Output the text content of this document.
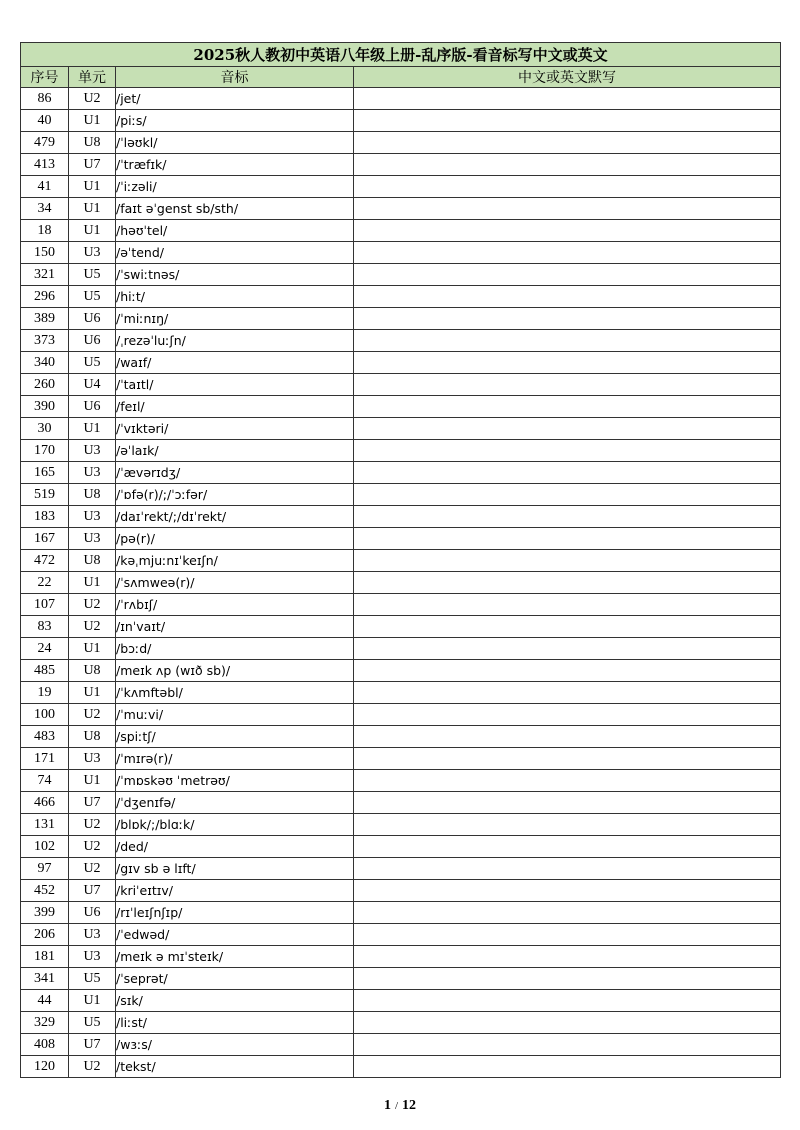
2025秋人教初中英语八年级上册-乱序版-看音标写中文或英文			
序号	单元	音标	中文或英文默写
86	U2	/jet/	
40	U1	/piːs/	
479	U8	/ˈləʊkl/	
413	U7	/ˈtræfɪk/	
41	U1	/ˈiːzəli/	
34	U1	/faɪt əˈgenst sb/sth/	
18	U1	/həʊˈtel/	
150	U3	/əˈtend/	
321	U5	/ˈswiːtnəs/	
296	U5	/hiːt/	
389	U6	/ˈmiːnɪŋ/	
373	U6	/ˌrezəˈluːʃn/	
340	U5	/waɪf/	
260	U4	/ˈtaɪtl/	
390	U6	/feɪl/	
30	U1	/ˈvɪktəri/	
170	U3	/əˈlaɪk/	
165	U3	/ˈævərɪdʒ/	
519	U8	/ˈɒfə(r)/;/ˈɔːfər/	
183	U3	/daɪˈrekt/;/dɪˈrekt/	
167	U3	/pə(r)/	
472	U8	/kəˌmjuːnɪˈkeɪʃn/	
22	U1	/ˈsʌmweə(r)/	
107	U2	/ˈrʌbɪʃ/	
83	U2	/ɪnˈvaɪt/	
24	U1	/bɔːd/	
485	U8	/meɪk ʌp (wɪð sb)/	
19	U1	/ˈkʌmftəbl/	
100	U2	/ˈmuːvi/	
483	U8	/spiːtʃ/	
171	U3	/ˈmɪrə(r)/	
74	U1	/ˈmɒskəʊ ˈmetrəʊ/	
466	U7	/ˈdʒenɪfə/	
131	U2	/blɒk/;/blɑːk/	
102	U2	/ded/	
97	U2	/gɪv sb ə lɪft/	
452	U7	/kriˈeɪtɪv/	
399	U6	/rɪˈleɪʃnʃɪp/	
206	U3	/ˈedwəd/	
181	U3	/meɪk ə mɪˈsteɪk/	
341	U5	/ˈseprət/	
44	U1	/sɪk/	
329	U5	/liːst/	
408	U7	/wɜːs/	
120	U2	/tekst/	
1 / 12
